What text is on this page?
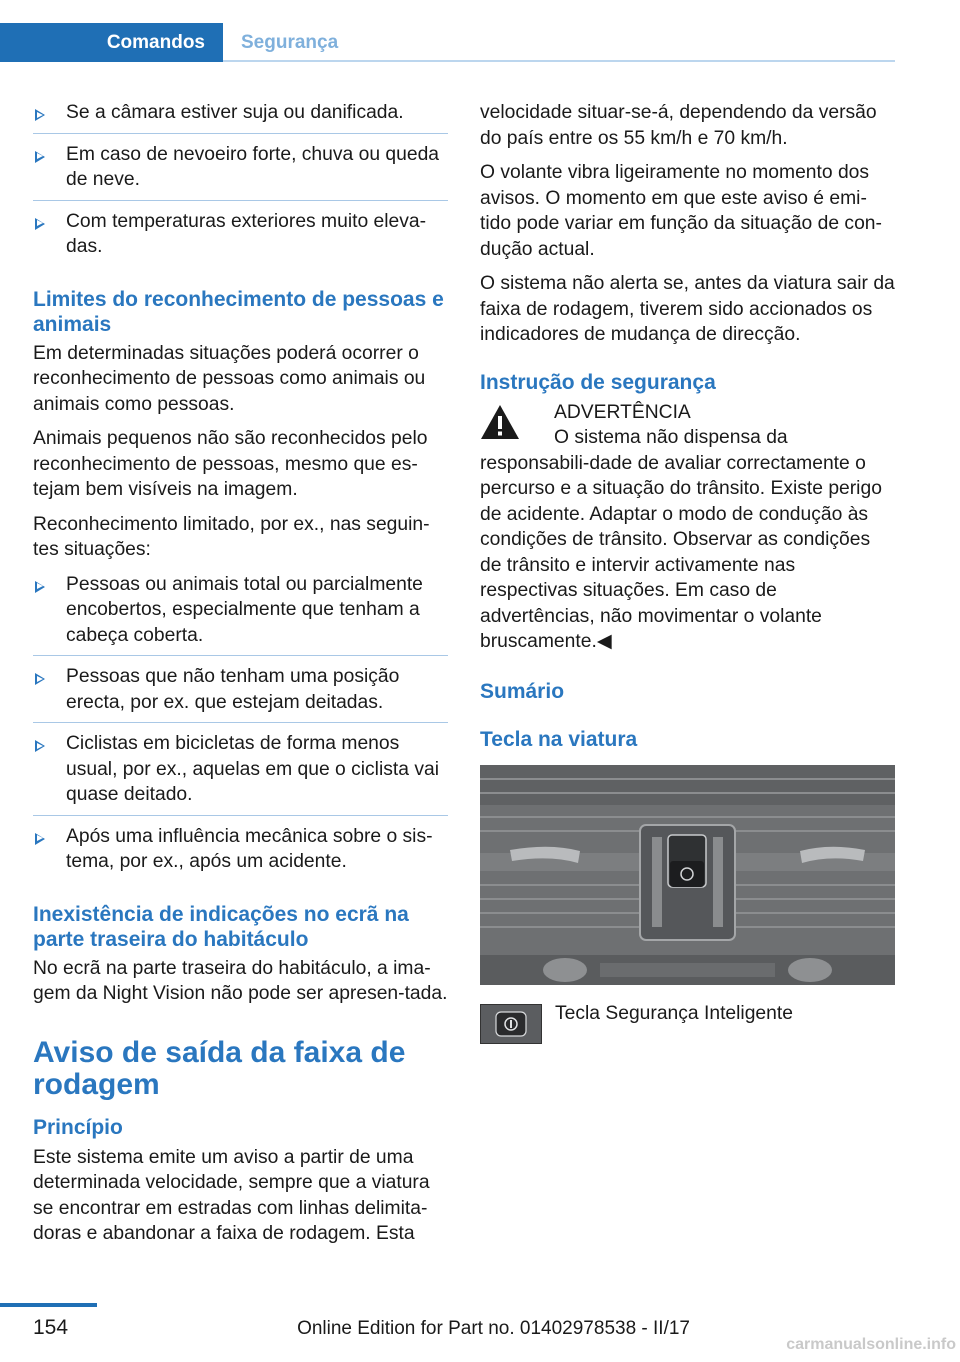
Comandos Segurança
Se a câmara estiver suja ou danificada.
Em caso de nevoeiro forte, chuva ou queda de neve.
Com temperaturas exteriores muito eleva-das.
Limites do reconhecimento de pessoas e animais

Em determinadas situações poderá ocorrer o reconhecimento de pessoas como animais ou animais como pessoas.

Animais pequenos não são reconhecidos pelo reconhecimento de pessoas, mesmo que es-tejam bem visíveis na imagem.

Reconhecimento limitado, por ex., nas seguin-tes situações:

Pessoas ou animais total ou parcialmente encobertos, especialmente que tenham a cabeça coberta.
Pessoas que não tenham uma posição erecta, por ex. que estejam deitadas.
Ciclistas em bicicletas de forma menos usual, por ex., aquelas em que o ciclista vai quase deitado.
Após uma influência mecânica sobre o sis-tema, por ex., após um acidente.
Inexistência de indicações no ecrã na parte traseira do habitáculo

No ecrã na parte traseira do habitáculo, a ima-gem da Night Vision não pode ser apresen-tada.

Aviso de saída da faixa de rodagem
Princípio

Este sistema emite um aviso a partir de uma determinada velocidade, sempre que a viatura se encontrar em estradas com linhas delimita-doras e abandonar a faixa de rodagem. Esta

velocidade situar-se-á, dependendo da versão do país entre os 55 km/h e 70 km/h.

O volante vibra ligeiramente no momento dos avisos. O momento em que este aviso é emi-tido pode variar em função da situação de con-dução actual.

O sistema não alerta se, antes da viatura sair da faixa de rodagem, tiverem sido accionados os indicadores de mudança de direcção.

Instrução de segurança
ADVERTÊNCIA

O sistema não dispensa da responsabili-dade de avaliar correctamente o percurso e a situação do trânsito. Existe perigo de acidente. Adaptar o modo de condução às condições de trânsito. Observar as condições de trânsito e intervir activamente nas respectivas situações. Em caso de advertências, não movimentar o volante bruscamente.◀

Sumário
Tecla na viatura
Tecla Segurança Inteligente
154	Online Edition for Part no. 01402978538 - II/17
carmanualsonline.info
